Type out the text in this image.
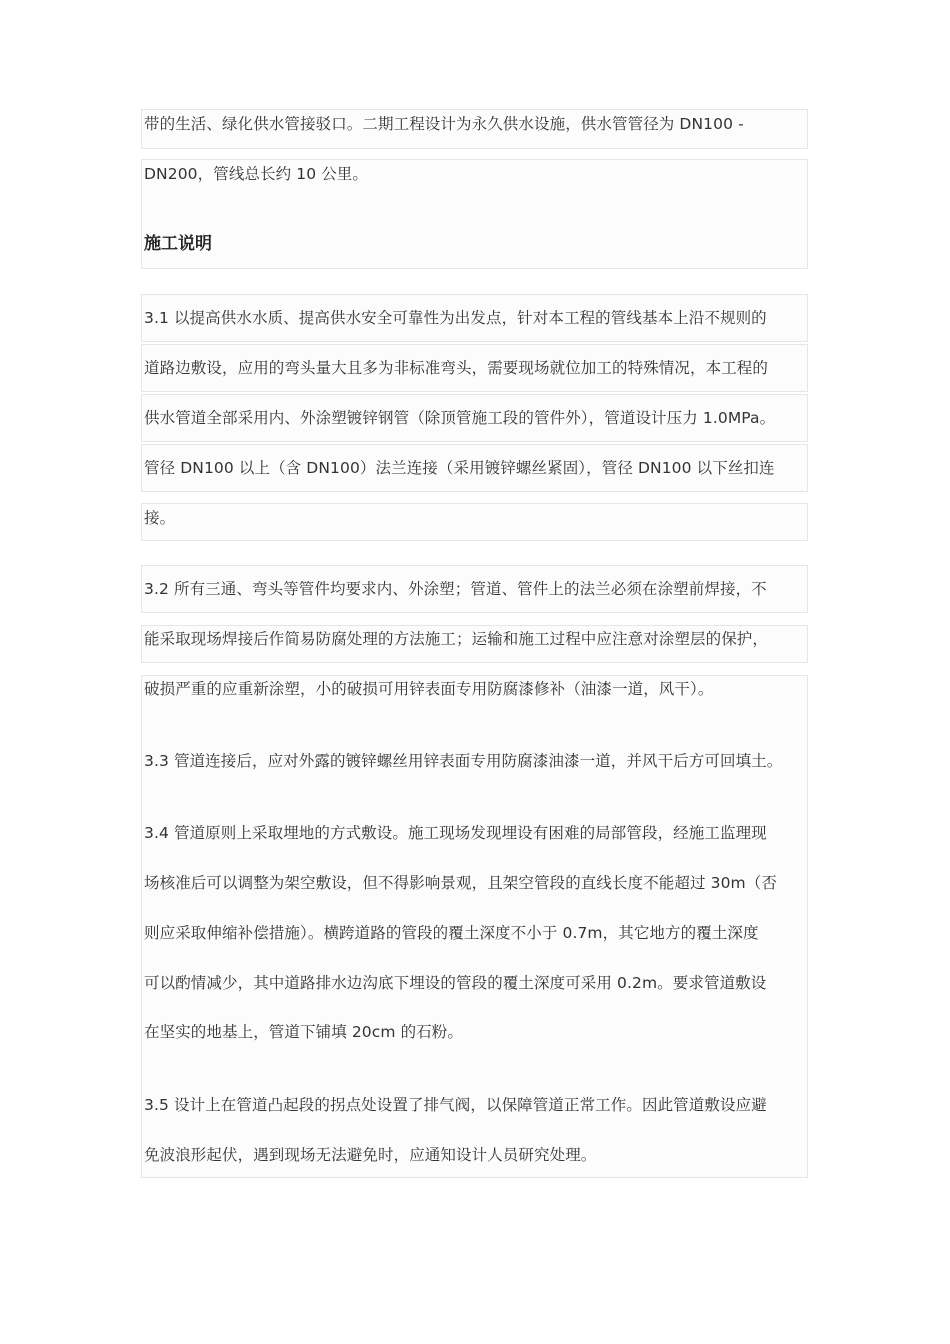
带的生活、绿化供水管接驳口。二期工程设计为永久供水设施，供水管管径为 DN100 -
DN200，管线总长约 10 公里。
施工说明
3.1 以提高供水水质、提高供水安全可靠性为出发点，针对本工程的管线基本上沿不规则的
道路边敷设，应用的弯头量大且多为非标准弯头，需要现场就位加工的特殊情况，本工程的
供水管道全部采用内、外涂塑镀锌钢管（除顶管施工段的管件外），管道设计压力 1.0MPa。
管径 DN100 以上（含 DN100）法兰连接（采用镀锌螺丝紧固），管径 DN100 以下丝扣连
接。
3.2 所有三通、弯头等管件均要求内、外涂塑；管道、管件上的法兰必须在涂塑前焊接，不
能采取现场焊接后作简易防腐处理的方法施工；运输和施工过程中应注意对涂塑层的保护，
破损严重的应重新涂塑，小的破损可用锌表面专用防腐漆修补（油漆一道，风干）。
3.3 管道连接后，应对外露的镀锌螺丝用锌表面专用防腐漆油漆一道，并风干后方可回填土。
3.4 管道原则上采取埋地的方式敷设。施工现场发现埋设有困难的局部管段，经施工监理现
场核准后可以调整为架空敷设，但不得影响景观，且架空管段的直线长度不能超过 30m（否
则应采取伸缩补偿措施）。横跨道路的管段的覆土深度不小于 0.7m，其它地方的覆土深度
可以酌情减少，其中道路排水边沟底下埋设的管段的覆土深度可采用 0.2m。要求管道敷设
在坚实的地基上，管道下铺填 20cm 的石粉。
3.5 设计上在管道凸起段的拐点处设置了排气阀，以保障管道正常工作。因此管道敷设应避
免波浪形起伏，遇到现场无法避免时，应通知设计人员研究处理。
